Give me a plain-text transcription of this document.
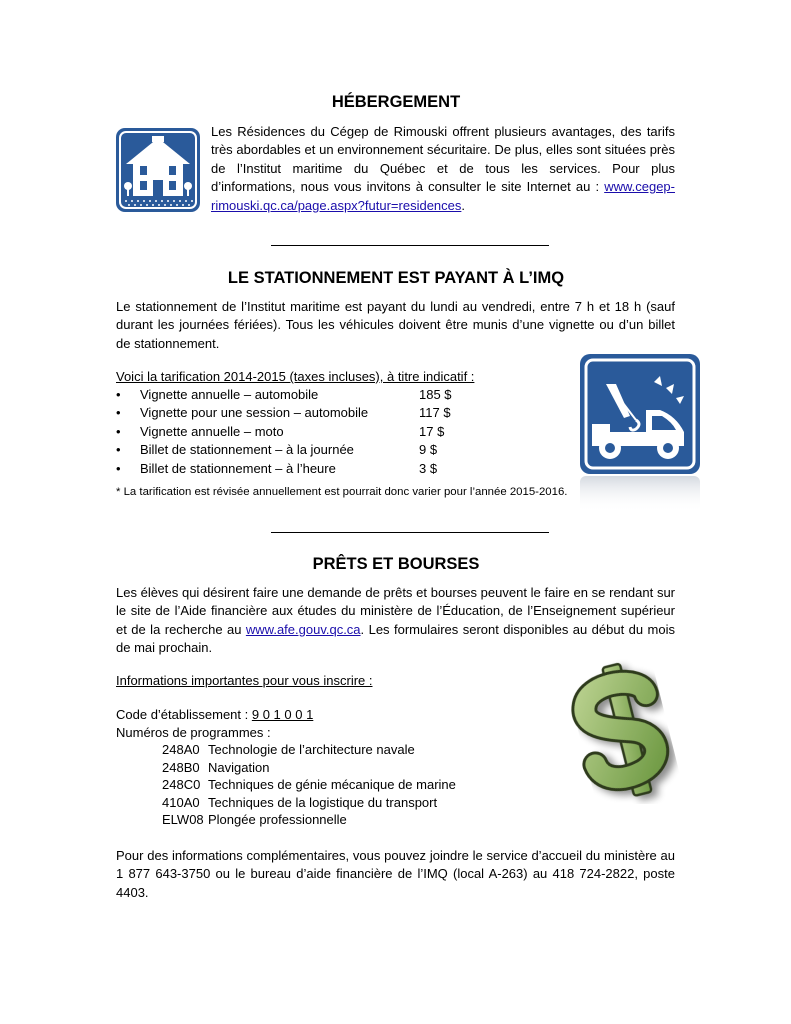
HÉBERGEMENT

Les Résidences du Cégep de Rimouski offrent plusieurs avantages, des tarifs très abordables et un environnement sécuritaire. De plus, elles sont situées près de l’Institut maritime du Québec et de tous les services. Pour plus d’informations, nous vous invitons à consulter le site Internet au : www.cegep-rimouski.qc.ca/page.aspx?futur=residences.

LE STATIONNEMENT EST PAYANT À L’IMQ

Le stationnement de l’Institut maritime est payant du lundi au vendredi, entre 7 h et 18 h (sauf durant les journées fériées). Tous les véhicules doivent être munis d’une vignette ou d’un billet de stationnement.

Voici la tarification 2014-2015 (taxes incluses), à titre indicatif :
• Vignette annuelle – automobile	185 $
• Vignette pour une session – automobile	117 $
• Vignette annuelle – moto	17 $
• Billet de stationnement – à la journée	9 $
• Billet de stationnement – à l’heure	3 $
* La tarification est révisée annuellement est pourrait donc varier pour l’année 2015-2016.
PRÊTS ET BOURSES

Les élèves qui désirent faire une demande de prêts et bourses peuvent le faire en se rendant sur le site de l’Aide financière aux études du ministère de l’Éducation, de l’Enseignement supérieur et de la recherche au www.afe.gouv.qc.ca. Les formulaires seront disponibles au début du mois de mai prochain.

Informations importantes pour vous inscrire :
Code d’établissement : 9 0 1 0 0 1
Numéros de programmes :
248A0 Technologie de l’architecture navale
248B0 Navigation
248C0 Techniques de génie mécanique de marine
410A0 Techniques de la logistique du transport
ELW08 Plongée professionnelle

Pour des informations complémentaires, vous pouvez joindre le service d’accueil du ministère au 1 877 643-3750 ou le bureau d’aide financière de l’IMQ (local A-263) au 418 724-2822, poste 4403.
